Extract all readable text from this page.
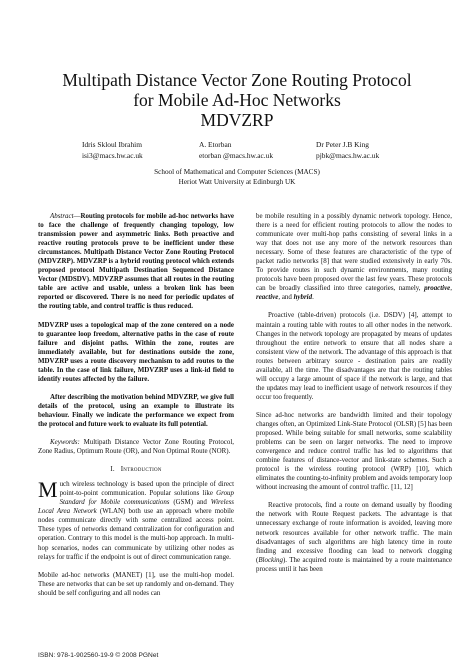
Multipath Distance Vector Zone Routing Protocol
for Mobile Ad-Hoc Networks
MDVZRP
Idris Skloul Ibrahim
isi3@macs.hw.ac.uk
A. Etorban
etorban @macs.hw.ac.uk
Dr Peter J.B King
pjbk@macs.hw.ac.uk
School of Mathematical and Computer Sciences (MACS)
Heriot Watt University at Edinburgh UK

Abstract—Routing protocols for mobile ad-hoc networks have to face the challenge of frequently changing topology, low transmission power and asymmetric links. Both proactive and reactive routing protocols prove to be inefficient under these circumstances. Multipath Distance Vector Zone Routing Protocol (MDVZRP). MDVZRP is a hybrid routing protocol which extends proposed protocol Multipath Destination Sequenced Distance Vector (MDSDV). MDVZRP assumes that all routes in the routing table are active and usable, unless a broken link has been reported or discovered. There is no need for periodic updates of the routing table, and control traffic is thus reduced.

MDVZRP uses a topological map of the zone centered on a node to guarantee loop freedom, alternative paths in the case of route failure and disjoint paths. Within the zone, routes are immediately available, but for destinations outside the zone, MDVZRP uses a route discovery mechanism to add routes to the table. In the case of link failure, MDVZRP uses a link-id field to identify routes affected by the failure.

After describing the motivation behind MDVZRP, we give full details of the protocol, using an example to illustrate its behaviour. Finally we indicate the performance we expect from the protocol and future work to evaluate its full potential.

Keywords: Multipath Distance Vector Zone Routing Protocol, Zone Radius, Optimum Route (OR), and Non Optimal Route (NOR).

I. Introduction

Much wireless technology is based upon the principle of direct point-to-point communication. Popular solutions like Group Standard for Mobile communications (GSM) and Wireless Local Area Network (WLAN) both use an approach where mobile nodes communicate directly with some centralized access point. These types of networks demand centralization for configuration and operation. Contrary to this model is the multi-hop approach. In multi-hop scenarios, nodes can communicate by utilizing other nodes as relays for traffic if the endpoint is out of direct communication range.

Mobile ad-hoc networks (MANET) [1], use the multi-hop model. These are networks that can be set up randomly and on-demand. They should be self configuring and all nodes can

be mobile resulting in a possibly dynamic network topology. Hence, there is a need for efficient routing protocols to allow the nodes to communicate over multi-hop paths consisting of several links in a way that does not use any more of the network resources than necessary. Some of these features are characteristic of the type of packet radio networks [8] that were studied extensively in early 70s. To provide routes in such dynamic environments, many routing protocols have been proposed over the last few years. These protocols can be broadly classified into three categories, namely, proactive, reactive, and hybrid.

Proactive (table-driven) protocols (i.e. DSDV) [4], attempt to maintain a routing table with routes to all other nodes in the network. Changes in the network topology are propagated by means of updates throughout the entire network to ensure that all nodes share a consistent view of the network. The advantage of this approach is that routes between arbitrary source - destination pairs are readily available, all the time. The disadvantages are that the routing tables will occupy a large amount of space if the network is large, and that the updates may lead to inefficient usage of network resources if they occur too frequently.

Since ad-hoc networks are bandwidth limited and their topology changes often, an Optimized Link-State Protocol (OLSR) [5] has been proposed. While being suitable for small networks, some scalability problems can be seen on larger networks. The need to improve convergence and reduce control traffic has led to algorithms that combine features of distance-vector and link-state schemes. Such a protocol is the wireless routing protocol (WRP) [10], which eliminates the counting-to-infinity problem and avoids temporary loop without increasing the amount of control traffic. [11, 12]

Reactive protocols, find a route on demand usually by flooding the network with Route Request packets. The advantage is that unnecessary exchange of route information is avoided, leaving more network resources available for other network traffic. The main disadvantages of such algorithms are high latency time in route finding and excessive flooding can lead to network clogging (Blocking). The acquired route is maintained by a route maintenance process until it has been

ISBN: 978-1-902560-19-9 © 2008 PGNet
